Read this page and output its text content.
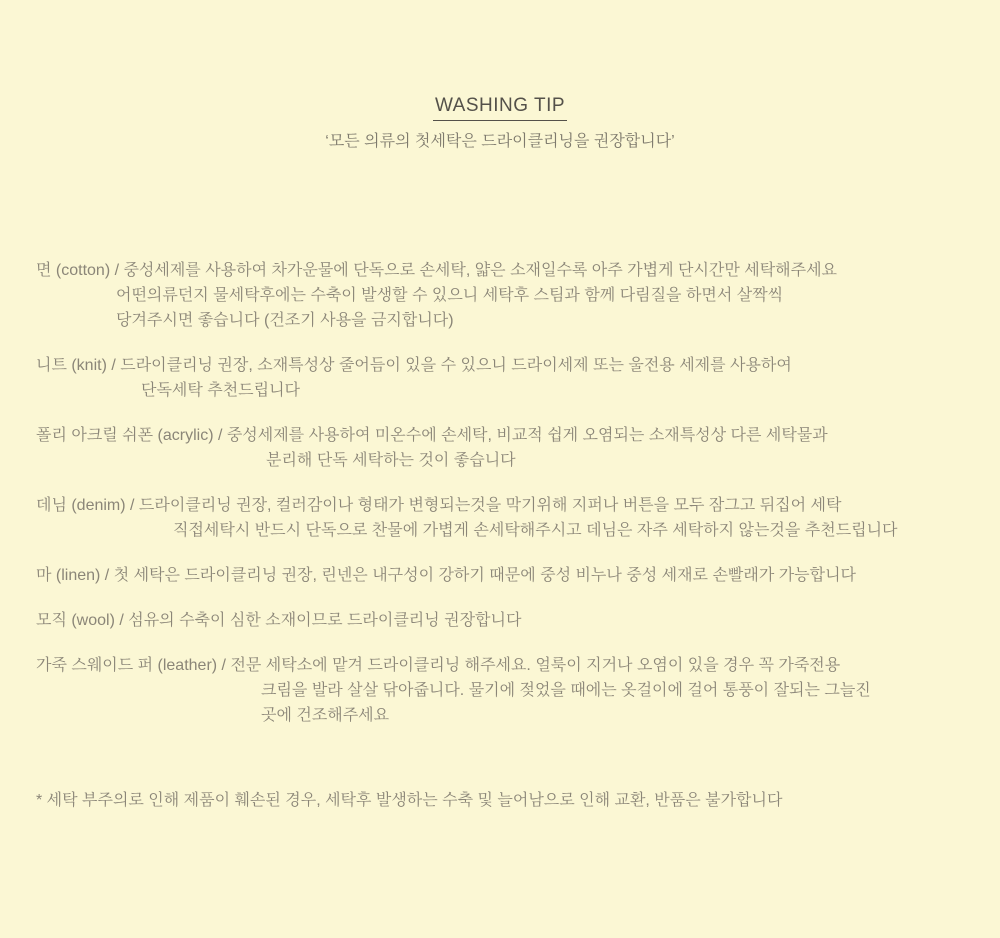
WASHING TIP
‘모든 의류의 첫세탁은 드라이클리닝을 권장합니다’
면 (cotton) / 중성세제를 사용하여 차가운물에 단독으로 손세탁, 얇은 소재일수록 아주 가볍게 단시간만 세탁해주세요
어떤의류던지 물세탁후에는 수축이 발생할 수 있으니 세탁후 스팀과 함께 다림질을 하면서 살짝씩
당겨주시면 좋습니다 (건조기 사용을 금지합니다)
니트 (knit) / 드라이클리닝 권장, 소재특성상 줄어듬이 있을 수 있으니 드라이세제 또는 울전용 세제를 사용하여
단독세탁 추천드립니다
폴리 아크릴 쉬폰 (acrylic) / 중성세제를 사용하여 미온수에 손세탁, 비교적 쉽게 오염되는 소재특성상 다른 세탁물과
분리해 단독 세탁하는 것이 좋습니다
데님 (denim) / 드라이클리닝 권장, 컬러감이나 형태가 변형되는것을 막기위해 지퍼나 버튼을 모두 잠그고 뒤집어 세탁
직접세탁시 반드시 단독으로 찬물에 가볍게 손세탁해주시고 데님은 자주 세탁하지 않는것을 추천드립니다
마 (linen) / 첫 세탁은 드라이클리닝 권장, 린넨은 내구성이 강하기 때문에 중성 비누나 중성 세재로 손빨래가 가능합니다
모직 (wool) / 섬유의 수축이 심한 소재이므로 드라이클리닝 권장합니다
가죽 스웨이드 퍼 (leather) / 전문 세탁소에 맡겨 드라이클리닝 해주세요. 얼룩이 지거나 오염이 있을 경우 꼭 가죽전용
크림을 발라 살살 닦아줍니다. 물기에 젖었을 때에는 옷걸이에 걸어 통풍이 잘되는 그늘진
곳에 건조해주세요
* 세탁 부주의로 인해 제품이 훼손된 경우, 세탁후 발생하는 수축 및 늘어남으로 인해 교환, 반품은 불가합니다
